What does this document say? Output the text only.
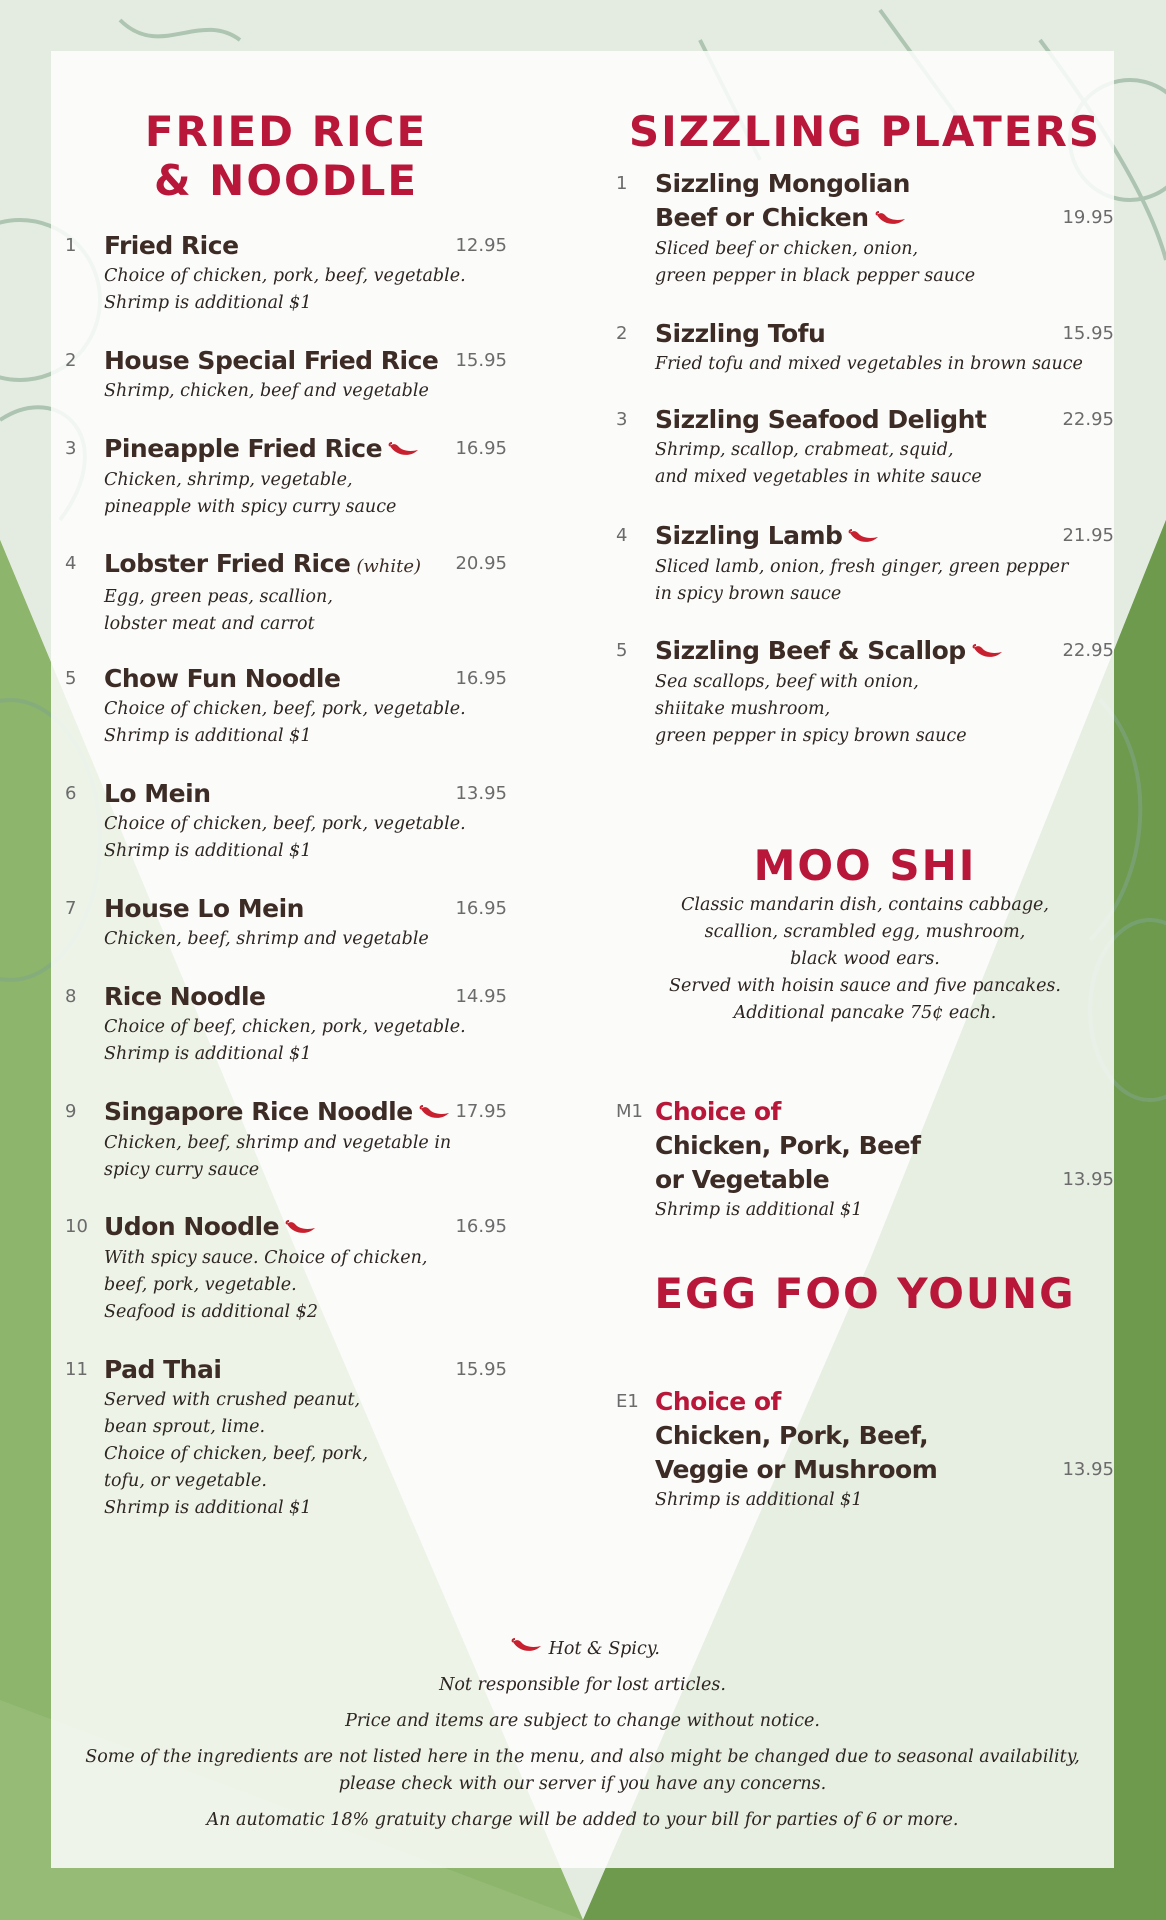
FRIED RICE
& NOODLE
1 Fried Rice
Choice of chicken, pork, beef, vegetable.
Shrimp is additional $1
12.95
2 House Special Fried Rice
Shrimp, chicken, beef and vegetable
15.95
3 Pineapple Fried Rice
Chicken, shrimp, vegetable,
pineapple with spicy curry sauce
16.95
4 Lobster Fried Rice (white)
Egg, green peas, scallion,
lobster meat and carrot
20.95
5 Chow Fun Noodle
Choice of chicken, beef, pork, vegetable.
Shrimp is additional $1
16.95
6 Lo Mein
Choice of chicken, beef, pork, vegetable.
Shrimp is additional $1
13.95
7 House Lo Mein
Chicken, beef, shrimp and vegetable
16.95
8 Rice Noodle
Choice of beef, chicken, pork, vegetable.
Shrimp is additional $1
14.95
9 Singapore Rice Noodle
Chicken, beef, shrimp and vegetable in
spicy curry sauce
17.95
10 Udon Noodle
With spicy sauce. Choice of chicken,
beef, pork, vegetable.
Seafood is additional $2
16.95
11 Pad Thai
Served with crushed peanut,
bean sprout, lime.
Choice of chicken, beef, pork,
tofu, or vegetable.
Shrimp is additional $1
15.95
SIZZLING PLATERS
1 Sizzling Mongolian
Beef or Chicken
Sliced beef or chicken, onion,
green pepper in black pepper sauce
19.95
2 Sizzling Tofu
Fried tofu and mixed vegetables in brown sauce
15.95
3 Sizzling Seafood Delight
Shrimp, scallop, crabmeat, squid,
and mixed vegetables in white sauce
22.95
4 Sizzling Lamb
Sliced lamb, onion, fresh ginger, green pepper
in spicy brown sauce
21.95
5 Sizzling Beef & Scallop
Sea scallops, beef with onion,
shiitake mushroom,
green pepper in spicy brown sauce
22.95
MOO SHI
Classic mandarin dish, contains cabbage,
scallion, scrambled egg, mushroom,
black wood ears.
Served with hoisin sauce and five pancakes.
Additional pancake 75¢ each.
M1 Choice of
Chicken, Pork, Beef
or Vegetable
Shrimp is additional $1
13.95
EGG FOO YOUNG
E1 Choice of
Chicken, Pork, Beef,
Veggie or Mushroom
Shrimp is additional $1
13.95

Hot & Spicy.

Not responsible for lost articles.

Price and items are subject to change without notice.

Some of the ingredients are not listed here in the menu, and also might be changed due to seasonal availability,
please check with our server if you have any concerns.

An automatic 18% gratuity charge will be added to your bill for parties of 6 or more.
